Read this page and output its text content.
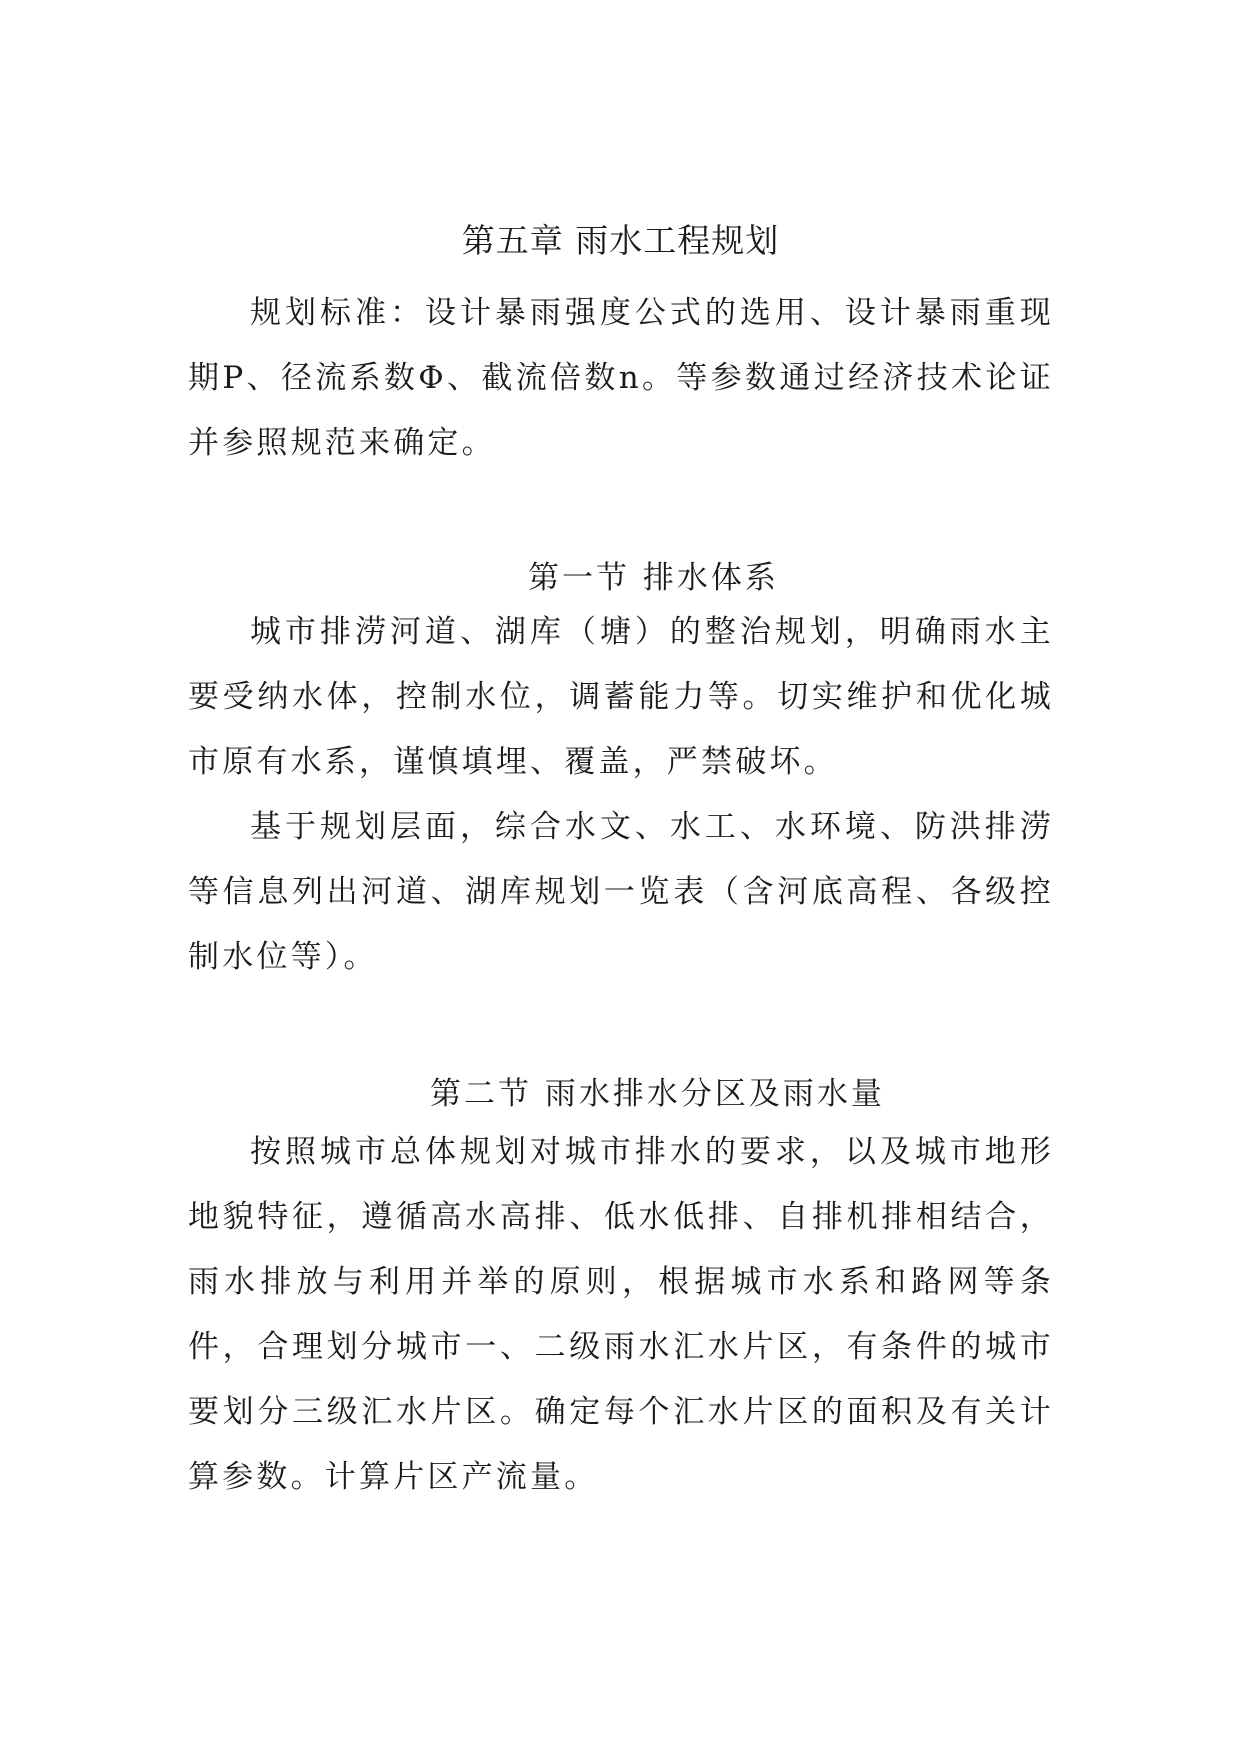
第五章 雨水工程规划

规划标准：设计暴雨强度公式的选用、设计暴雨重现期P、径流系数Φ、截流倍数n。等参数通过经济技术论证并参照规范来确定。

第一节 排水体系

城市排涝河道、湖库（塘）的整治规划，明确雨水主要受纳水体，控制水位，调蓄能力等。切实维护和优化城市原有水系，谨慎填埋、覆盖，严禁破坏。

基于规划层面，综合水文、水工、水环境、防洪排涝等信息列出河道、湖库规划一览表（含河底高程、各级控制水位等）。

第二节 雨水排水分区及雨水量

按照城市总体规划对城市排水的要求，以及城市地形地貌特征，遵循高水高排、低水低排、自排机排相结合，雨水排放与利用并举的原则，根据城市水系和路网等条件，合理划分城市一、二级雨水汇水片区，有条件的城市要划分三级汇水片区。确定每个汇水片区的面积及有关计算参数。计算片区产流量。
